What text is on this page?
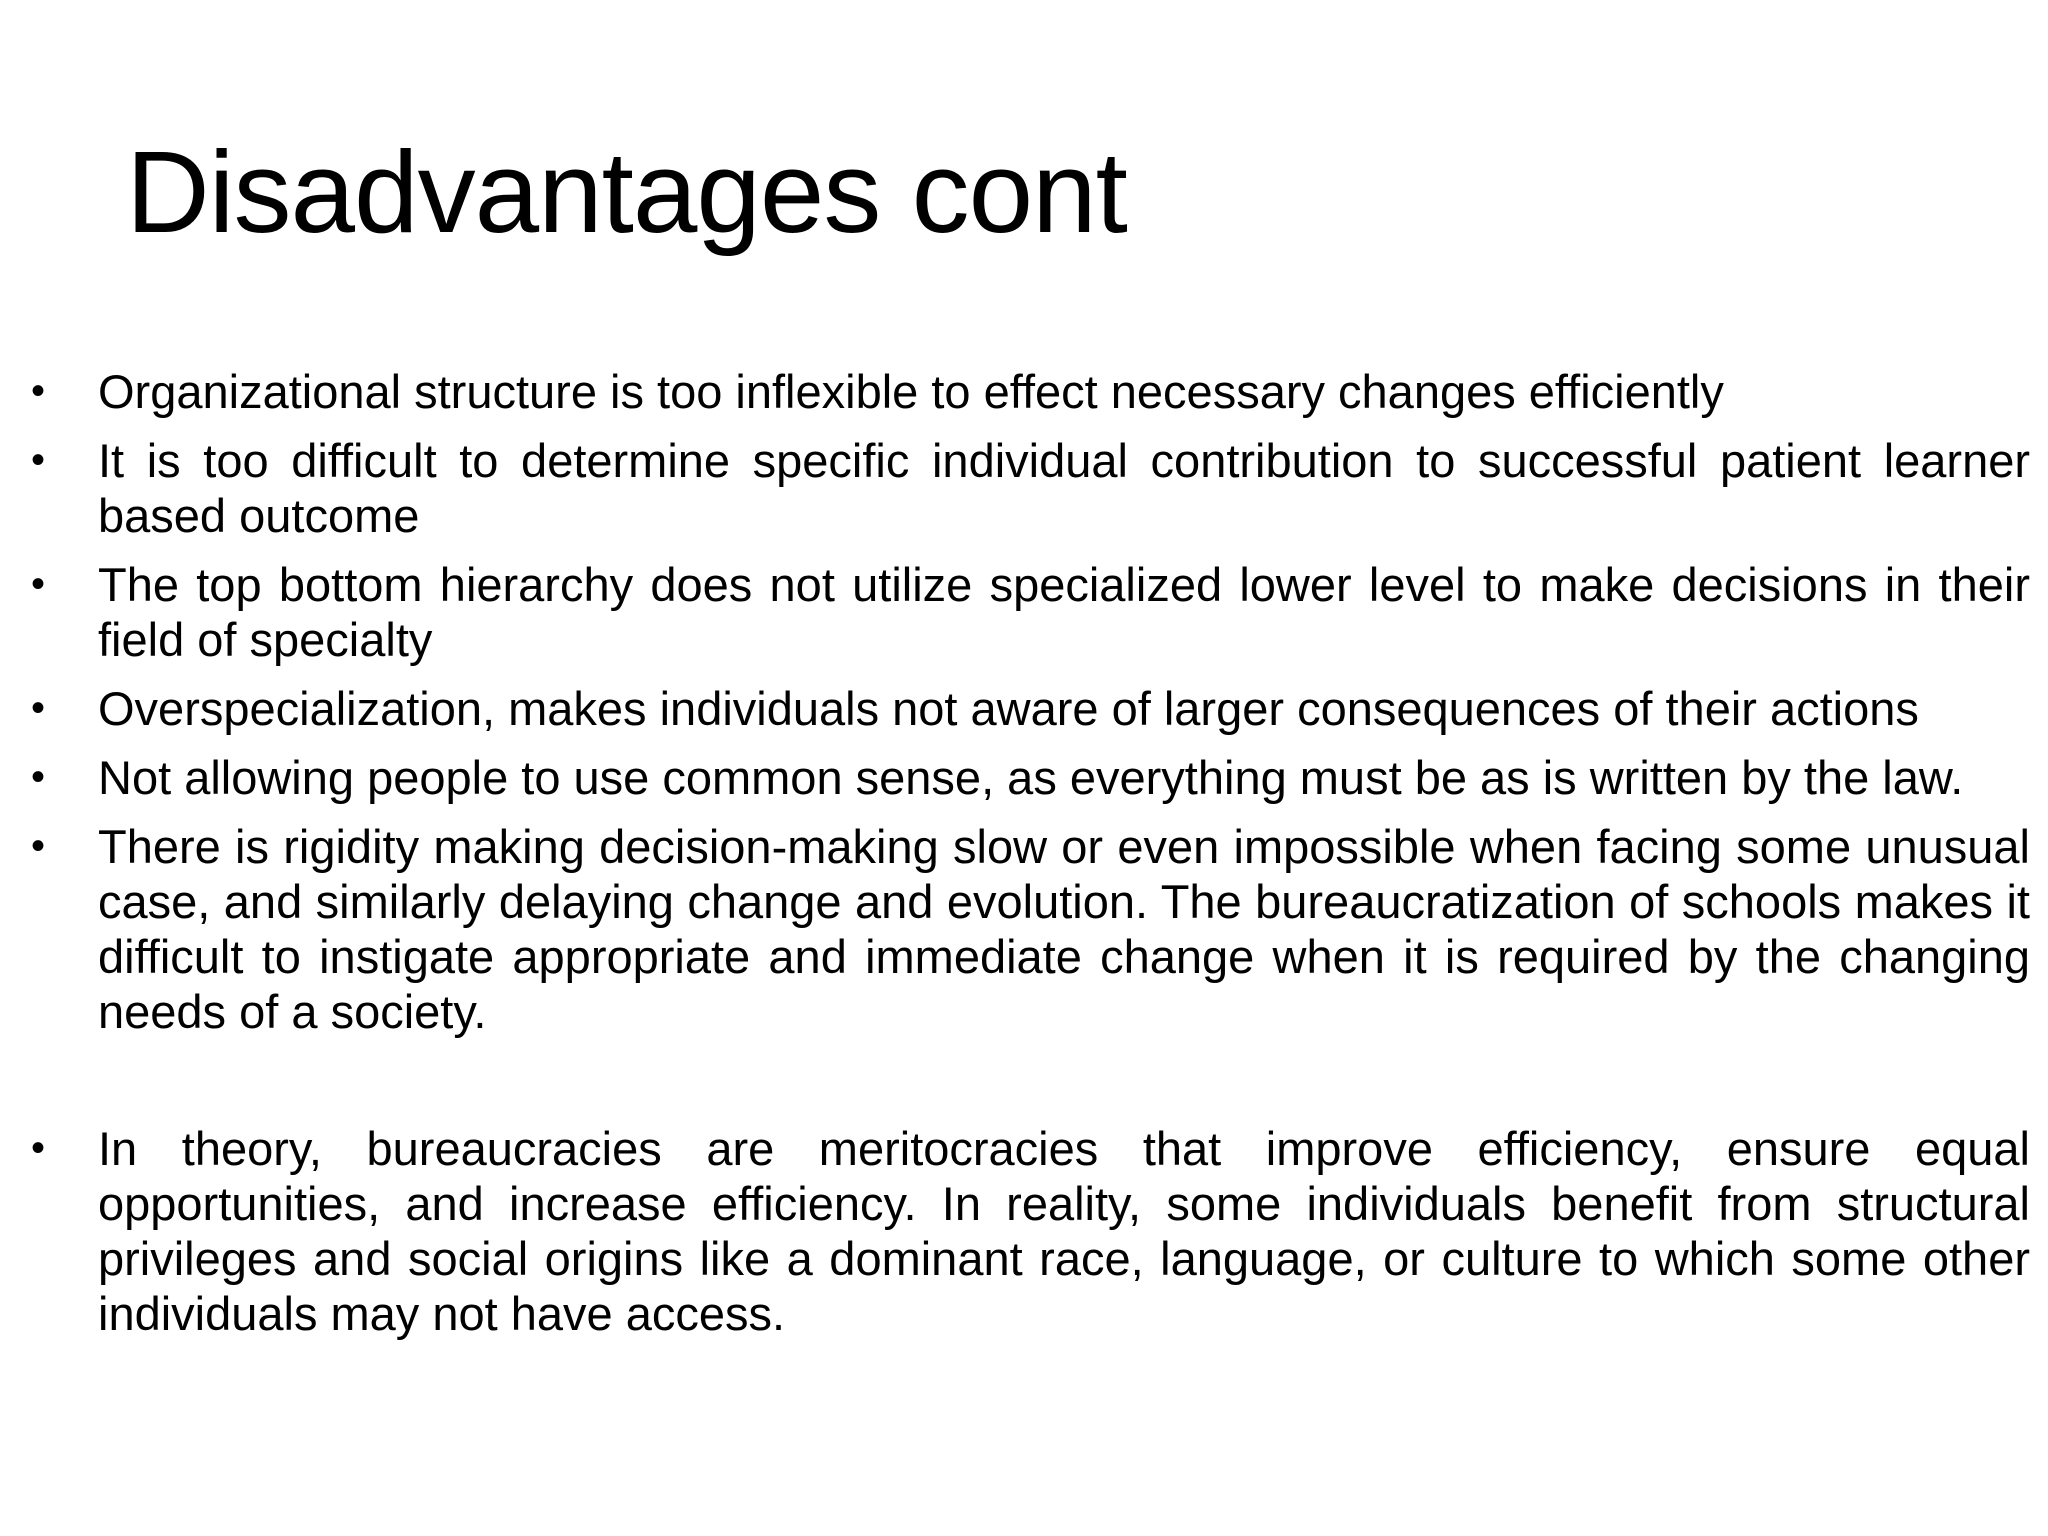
Disadvantages cont
• Organizational structure is too inflexible to effect necessary changes efficiently
• It is too difficult to determine specific individual contribution to successful patient learner based outcome
• The top bottom hierarchy does not utilize specialized lower level to make decisions in their field of specialty
• Overspecialization, makes individuals not aware of larger consequences of their actions
• Not allowing people to use common sense, as everything must be as is written by the law.
• There is rigidity making decision-making slow or even impossible when facing some unusual case, and similarly delaying change and evolution. The bureaucratization of schools makes it difficult to instigate appropriate and immediate change when it is required by the changing needs of a society.
• In theory, bureaucracies are meritocracies that improve efficiency, ensure equal opportunities, and increase efficiency. In reality, some individuals benefit from structural privileges and social origins like a dominant race, language, or culture to which some other individuals may not have access.
